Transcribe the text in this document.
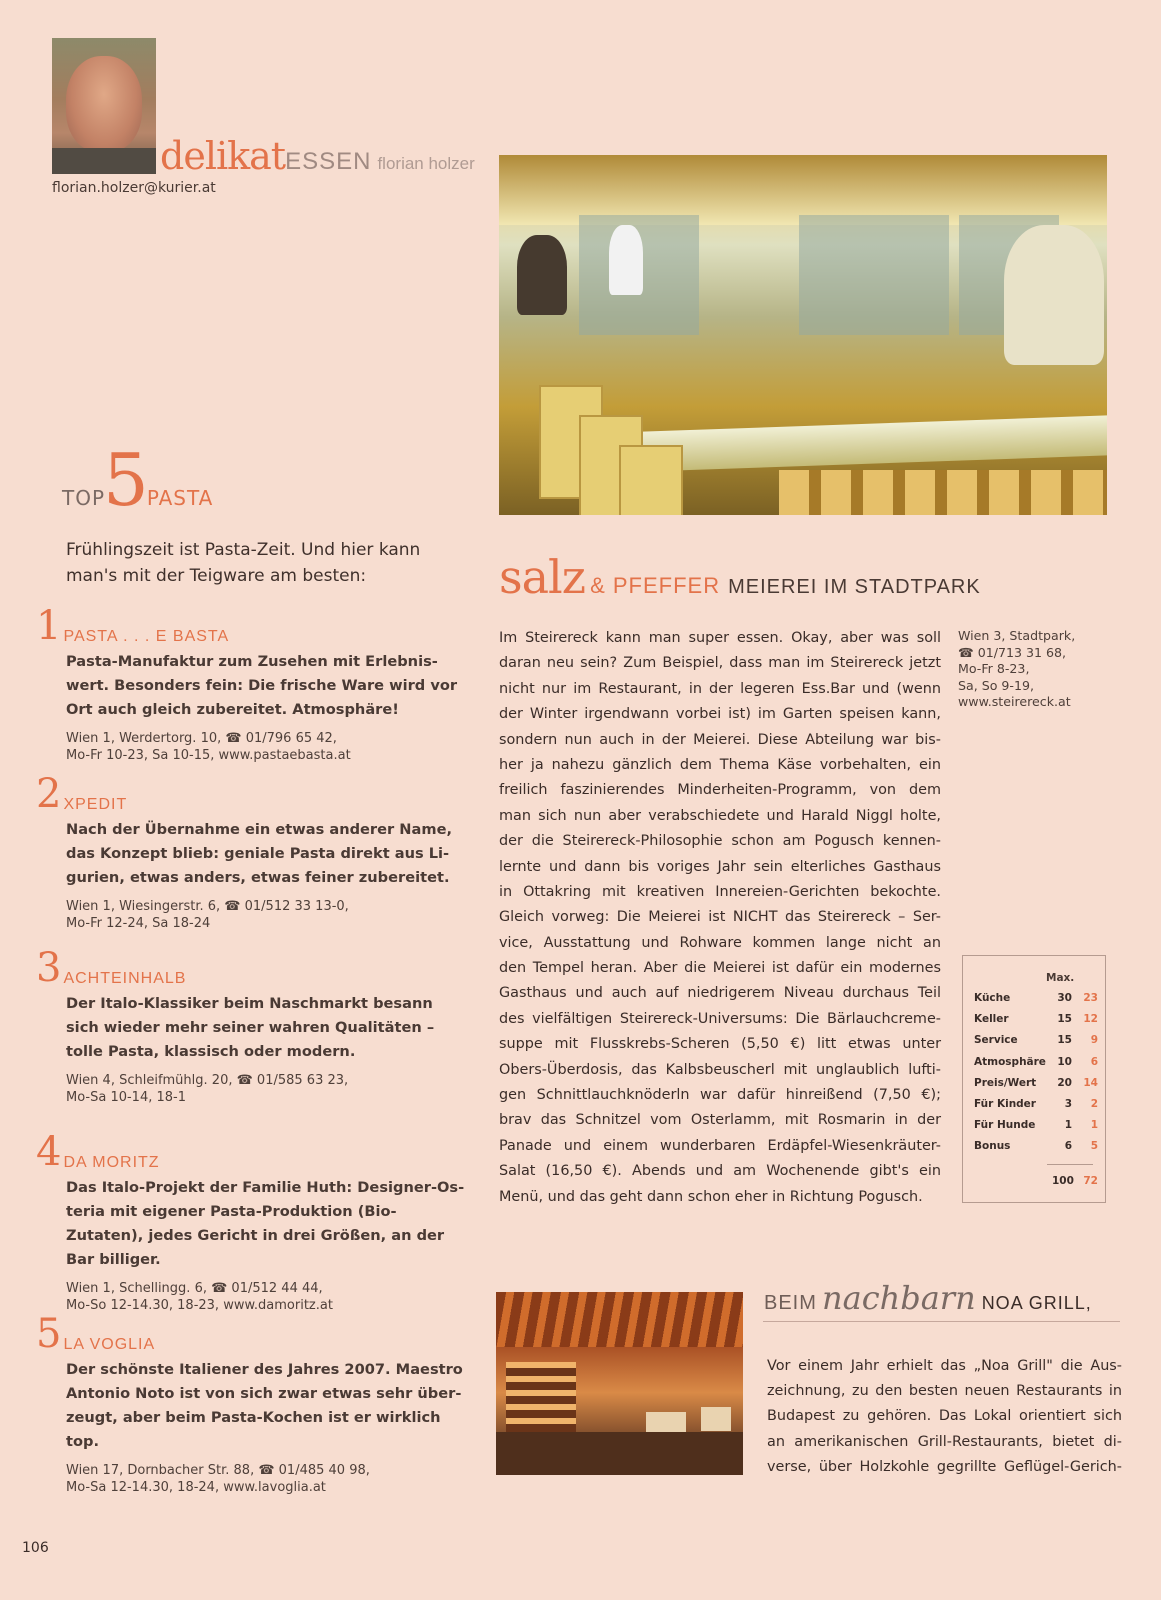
delikatESSEN florian holzer
florian.holzer@kurier.at
TOP5PASTA
Frühlingszeit ist Pasta-Zeit. Und hier kann man's mit der Teigware am besten:
1 PASTA . . . E BASTA
Pasta-Manufaktur zum Zusehen mit Erlebnis-wert. Besonders fein: Die frische Ware wird vor Ort auch gleich zubereitet. Atmosphäre!
Wien 1, Werdertorg. 10, ☎ 01/796 65 42,
Mo-Fr 10-23, Sa 10-15, www.pastaebasta.at
2 XPEDIT
Nach der Übernahme ein etwas anderer Name, das Konzept blieb: geniale Pasta direkt aus Li-gurien, etwas anders, etwas feiner zubereitet.
Wien 1, Wiesingerstr. 6, ☎ 01/512 33 13-0,
Mo-Fr 12-24, Sa 18-24
3 ACHTEINHALB
Der Italo-Klassiker beim Naschmarkt besann sich wieder mehr seiner wahren Qualitäten – tolle Pasta, klassisch oder modern.
Wien 4, Schleifmühlg. 20, ☎ 01/585 63 23,
Mo-Sa 10-14, 18-1
4 DA MORITZ
Das Italo-Projekt der Familie Huth: Designer-Os-teria mit eigener Pasta-Produktion (Bio-Zutaten), jedes Gericht in drei Größen, an der Bar billiger.
Wien 1, Schellingg. 6, ☎ 01/512 44 44,
Mo-So 12-14.30, 18-23, www.damoritz.at
5 LA VOGLIA
Der schönste Italiener des Jahres 2007. Maestro Antonio Noto ist von sich zwar etwas sehr über-zeugt, aber beim Pasta-Kochen ist er wirklich top.
Wien 17, Dornbacher Str. 88, ☎ 01/485 40 98,
Mo-Sa 12-14.30, 18-24, www.lavoglia.at
salz & PFEFFER MEIEREI IM STADTPARK
Im Steirereck kann man super essen. Okay, aber was soll
daran neu sein? Zum Beispiel, dass man im Steirereck jetzt
nicht nur im Restaurant, in der legeren Ess.Bar und (wenn
der Winter irgendwann vorbei ist) im Garten speisen kann,
sondern nun auch in der Meierei. Diese Abteilung war bis-
her ja nahezu gänzlich dem Thema Käse vorbehalten, ein
freilich faszinierendes Minderheiten-Programm, von dem
man sich nun aber verabschiedete und Harald Niggl holte,
der die Steirereck-Philosophie schon am Pogusch kennen-
lernte und dann bis voriges Jahr sein elterliches Gasthaus
in Ottakring mit kreativen Innereien-Gerichten bekochte.
Gleich vorweg: Die Meierei ist NICHT das Steirereck – Ser-
vice, Ausstattung und Rohware kommen lange nicht an
den Tempel heran. Aber die Meierei ist dafür ein modernes
Gasthaus und auch auf niedrigerem Niveau durchaus Teil
des vielfältigen Steirereck-Universums: Die Bärlauchcreme-
suppe mit Flusskrebs-Scheren (5,50 €) litt etwas unter
Obers-Überdosis, das Kalbsbeuscherl mit unglaublich lufti-
gen Schnittlauchknöderln war dafür hinreißend (7,50 €);
brav das Schnitzel vom Osterlamm, mit Rosmarin in der
Panade und einem wunderbaren Erdäpfel-Wiesenkräuter-
Salat (16,50 €). Abends und am Wochenende gibt's ein
Menü, und das geht dann schon eher in Richtung Pogusch.
Wien 3, Stadtpark,
☎ 01/713 31 68,
Mo-Fr 8-23,
Sa, So 9-19,
www.steirereck.at
Max.
Küche	30	23
Keller	15	12
Service	15	9
Atmosphäre	10	6
Preis/Wert	20	14
Für Kinder	3	2
Für Hunde	1	1
Bonus	6	5
100 72
BEIM nachbarn NOA GRILL,
Vor einem Jahr erhielt das „Noa Grill" die Aus-
zeichnung, zu den besten neuen Restaurants in
Budapest zu gehören. Das Lokal orientiert sich
an amerikanischen Grill-Restaurants, bietet di-
verse, über Holzkohle gegrillte Geflügel-Gerich-
106
